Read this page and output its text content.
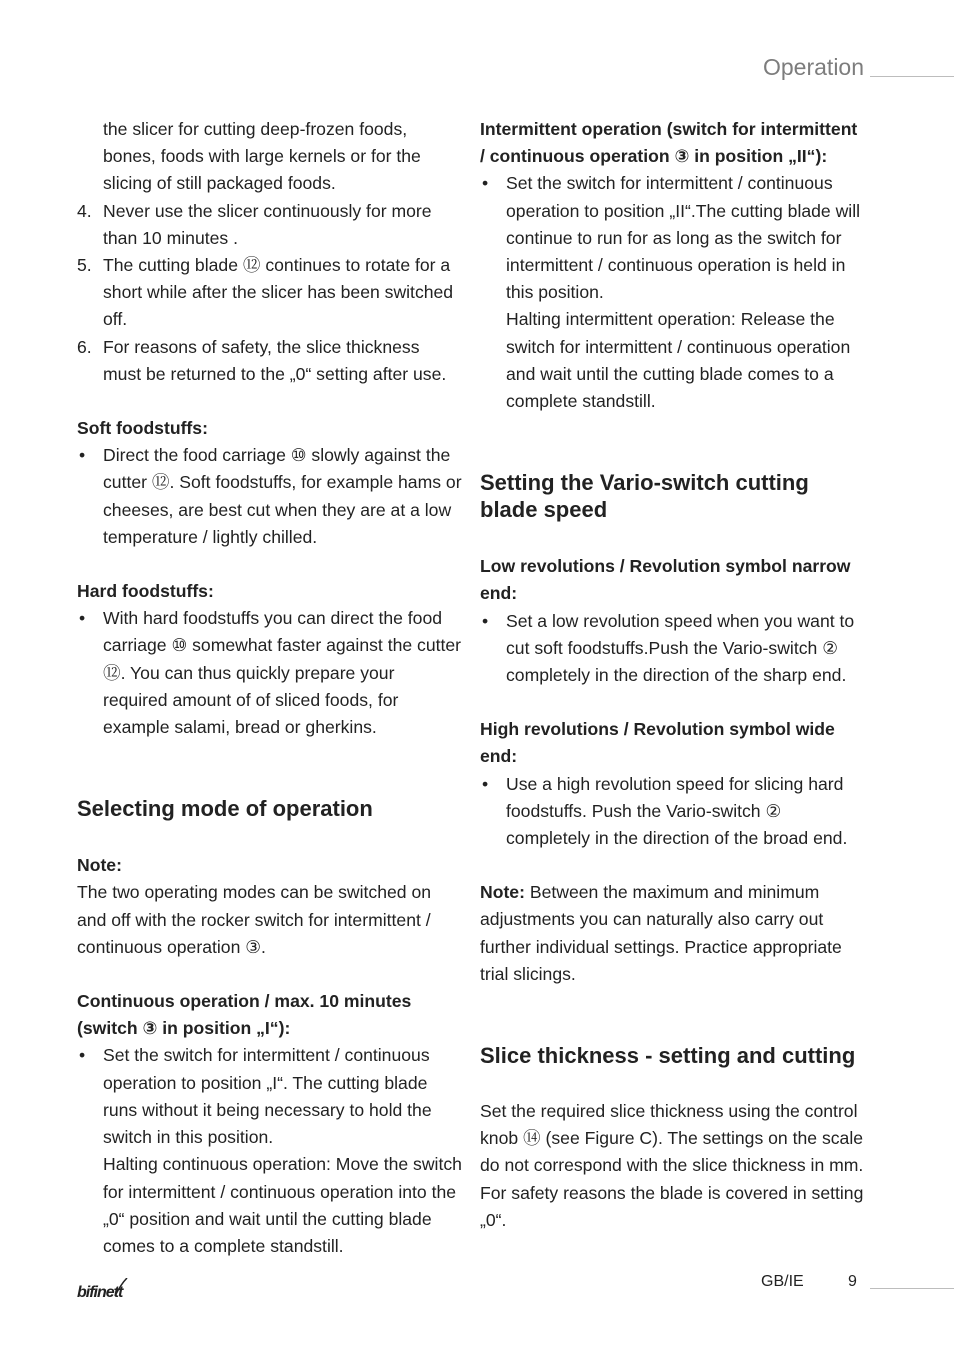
Operation

the slicer for cutting deep-frozen foods, bones, foods with large kernels or for the slicing of still packaged foods.

4. Never use the slicer continuously for more than 10 minutes .
5. The cutting blade ⑫ continues to rotate for a short while after the slicer has been switched off.
6. For reasons of safety, the slice thickness must be returned to the „0“ setting after use.

Soft foodstuffs:

• Direct the food carriage ⑩ slowly against the cutter ⑫. Soft foodstuffs, for example hams or cheeses, are best cut when they are at a low temperature / lightly chilled.

Hard foodstuffs:

• With hard foodstuffs you can direct the food carriage ⑩ somewhat faster against the cutter ⑫. You can thus quickly prepare your required amount of of sliced foods, for example salami, bread or gherkins.
Selecting mode of operation

Note:

The two operating modes can be switched on and off with the rocker switch for intermittent / continuous operation ③.

Continuous operation / max. 10 minutes (switch ③ in position „I“):

• Set the switch for intermittent / continuous operation to position „I“. The cutting blade runs without it being necessary to hold the switch in this position.

Halting continuous operation: Move the switch for intermittent / continuous operation into the „0“ position and wait until the cutting blade comes to a complete standstill.

Intermittent operation (switch for intermittent / continuous operation ③ in position „II“):

• Set the switch for intermittent / continuous operation to position „II“.The cutting blade will continue to run for as long as the switch for intermittent / continuous operation is held in this position.

Halting intermittent operation: Release the switch for intermittent / continuous operation and wait until the cutting blade comes to a complete standstill.

Setting the Vario-switch cutting blade speed

Low revolutions / Revolution symbol narrow end:

• Set a low revolution speed when you want to cut soft foodstuffs.Push the Vario-switch ② completely in the direction of the sharp end.

High revolutions / Revolution symbol wide end:

• Use a high revolution speed for slicing hard foodstuffs. Push the Vario-switch ② completely in the direction of the broad end.

Note: Between the maximum and minimum adjustments you can naturally also carry out further individual settings. Practice appropriate trial slicings.

Slice thickness - setting and cutting

Set the required slice thickness using the control knob ⑭ (see Figure C). The settings on the scale do not correspond with the slice thickness in mm. For safety reasons the blade is covered in setting „0“.

bifinett
GB/IE	9
